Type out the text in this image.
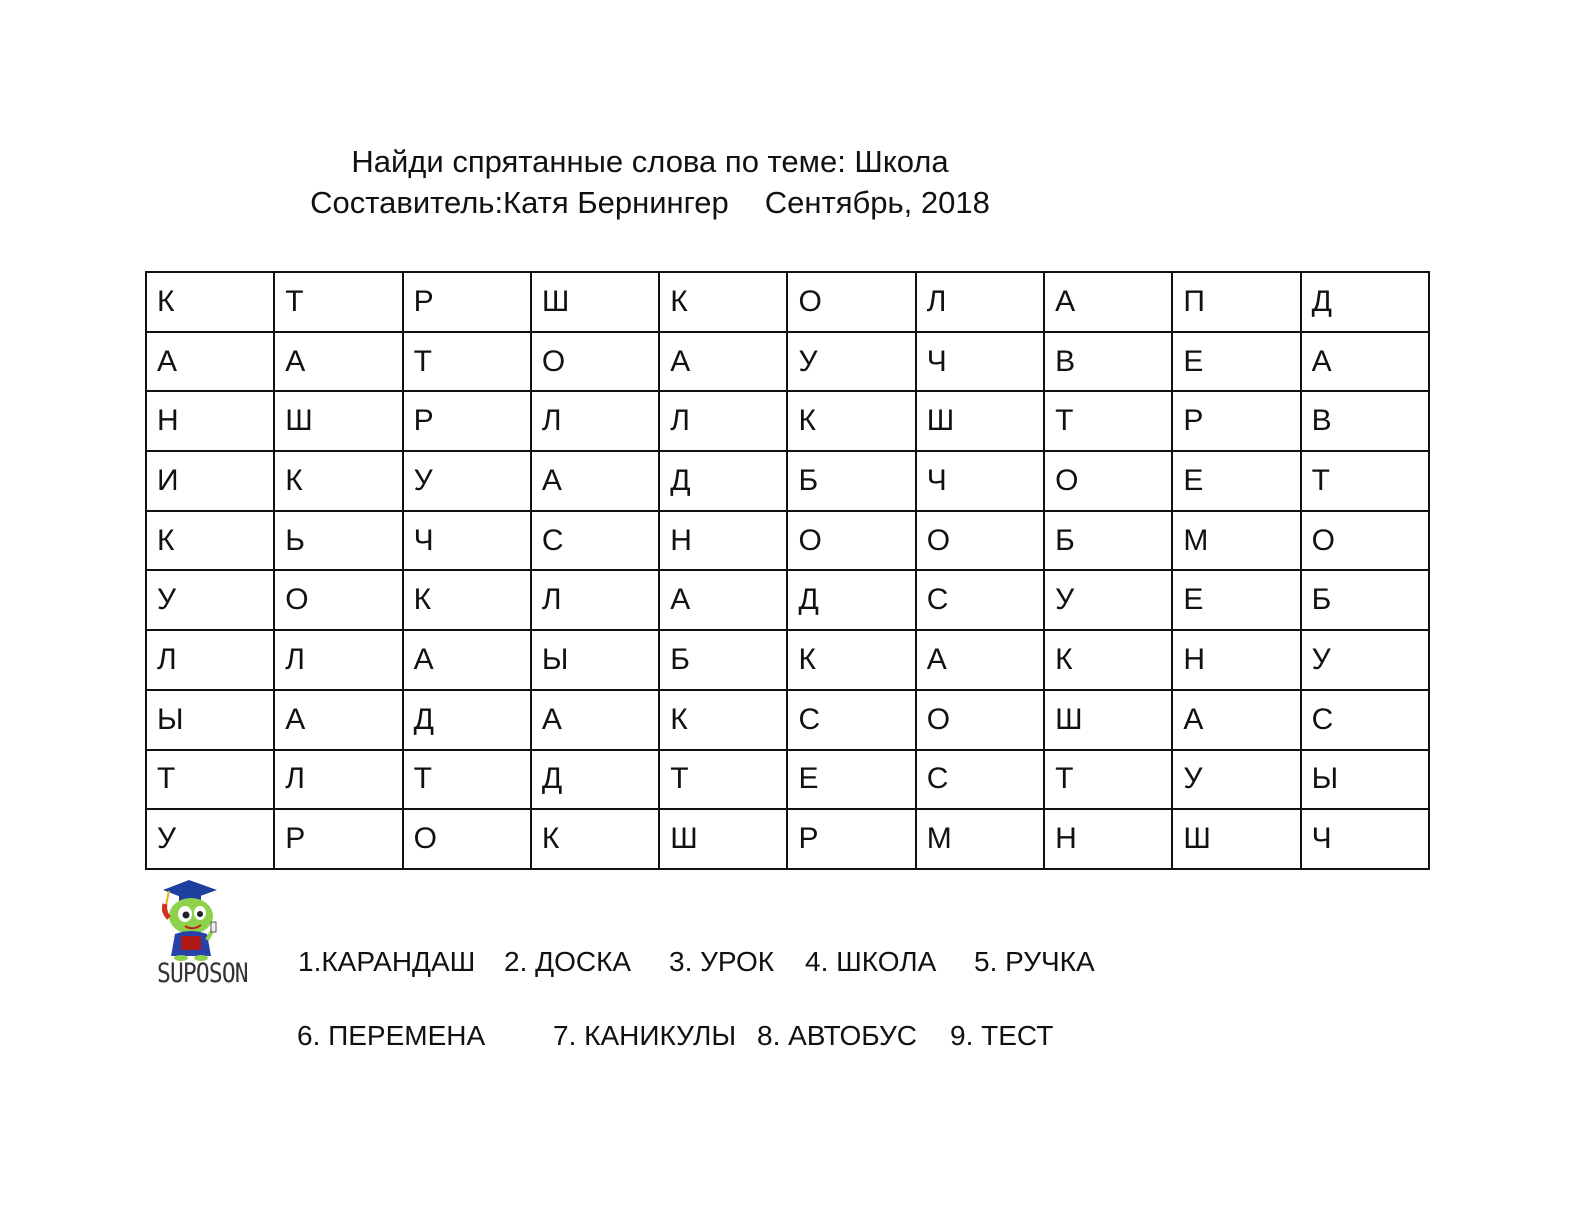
Найди спрятанные слова по теме: Школа
Составитель:Катя Бернингер Сентябрь, 2018
К	Т	Р	Ш	К	О	Л	А	П	Д
А	А	Т	О	А	У	Ч	В	Е	А
Н	Ш	Р	Л	Л	К	Ш	Т	Р	В
И	К	У	А	Д	Б	Ч	О	Е	Т
К	Ь	Ч	С	Н	О	О	Б	М	О
У	О	К	Л	А	Д	С	У	Е	Б
Л	Л	А	Ы	Б	К	А	К	Н	У
Ы	А	Д	А	К	С	О	Ш	А	С
Т	Л	Т	Д	Т	Е	С	Т	У	Ы
У	Р	О	К	Ш	Р	М	Н	Ш	Ч
SUPOSON 1.КАРАНДАШ 2. ДОСКА 3. УРОК 4. ШКОЛА 5. РУЧКА
6. ПЕРЕМЕНА 7. КАНИКУЛЫ 8. АВТОБУС 9. ТЕСТ
